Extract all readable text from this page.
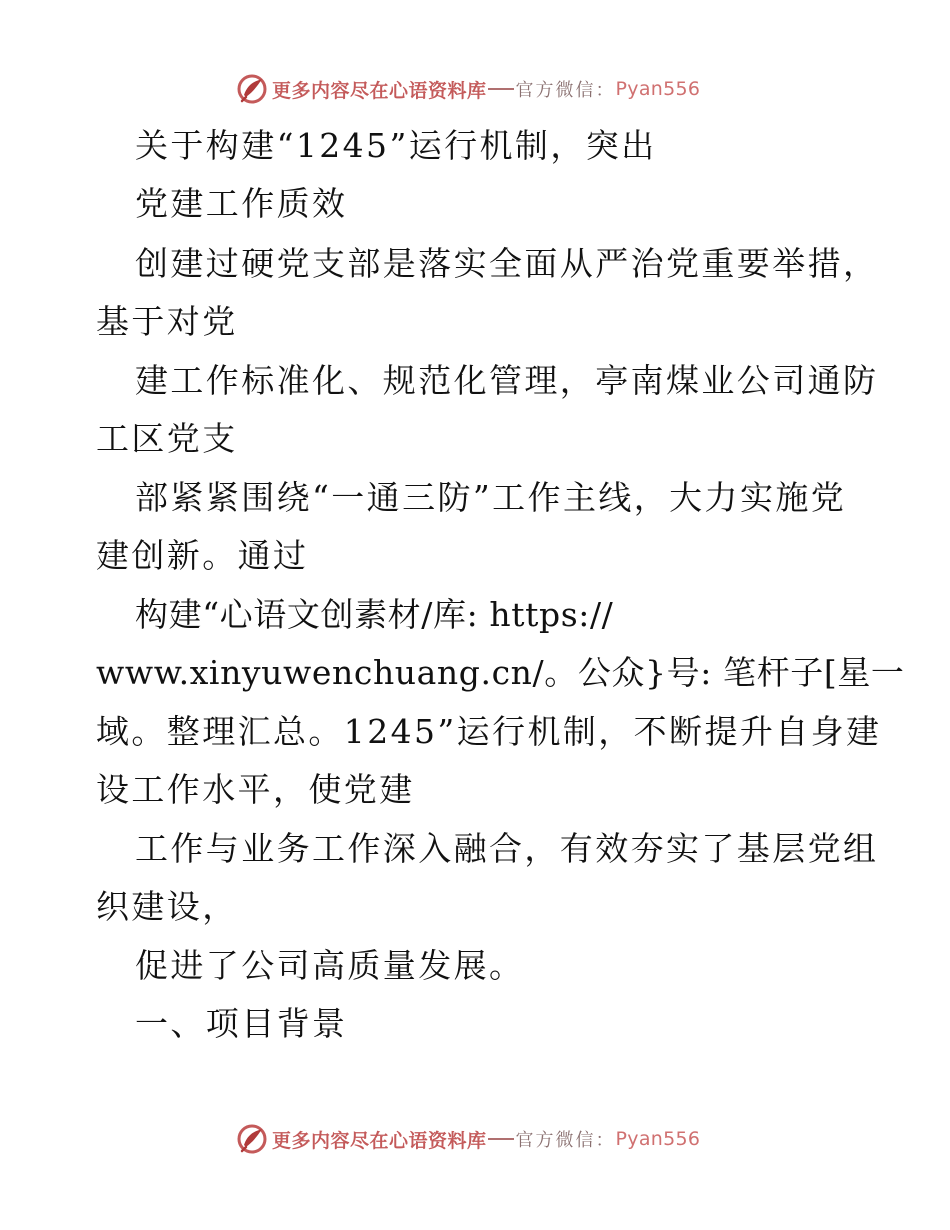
更多内容尽在心语资料库 官方微信： Pyan556
关于构建“1245”运行机制，突出
党建工作质效
创建过硬党支部是落实全面从严治党重要举措，
基于对党
建工作标准化、规范化管理，亭南煤业公司通防
工区党支
部紧紧围绕“一通三防”工作主线，大力实施党
建创新。通过
构建“心语文创素材/库: https://
www.xinyuwenchuang.cn/。公众}号: 笔杆子[星一
域。整理汇总。1245”运行机制，不断提升自身建
设工作水平，使党建
工作与业务工作深入融合，有效夯实了基层党组
织建设，
促进了公司高质量发展。
一、项目背景
更多内容尽在心语资料库 官方微信： Pyan556
